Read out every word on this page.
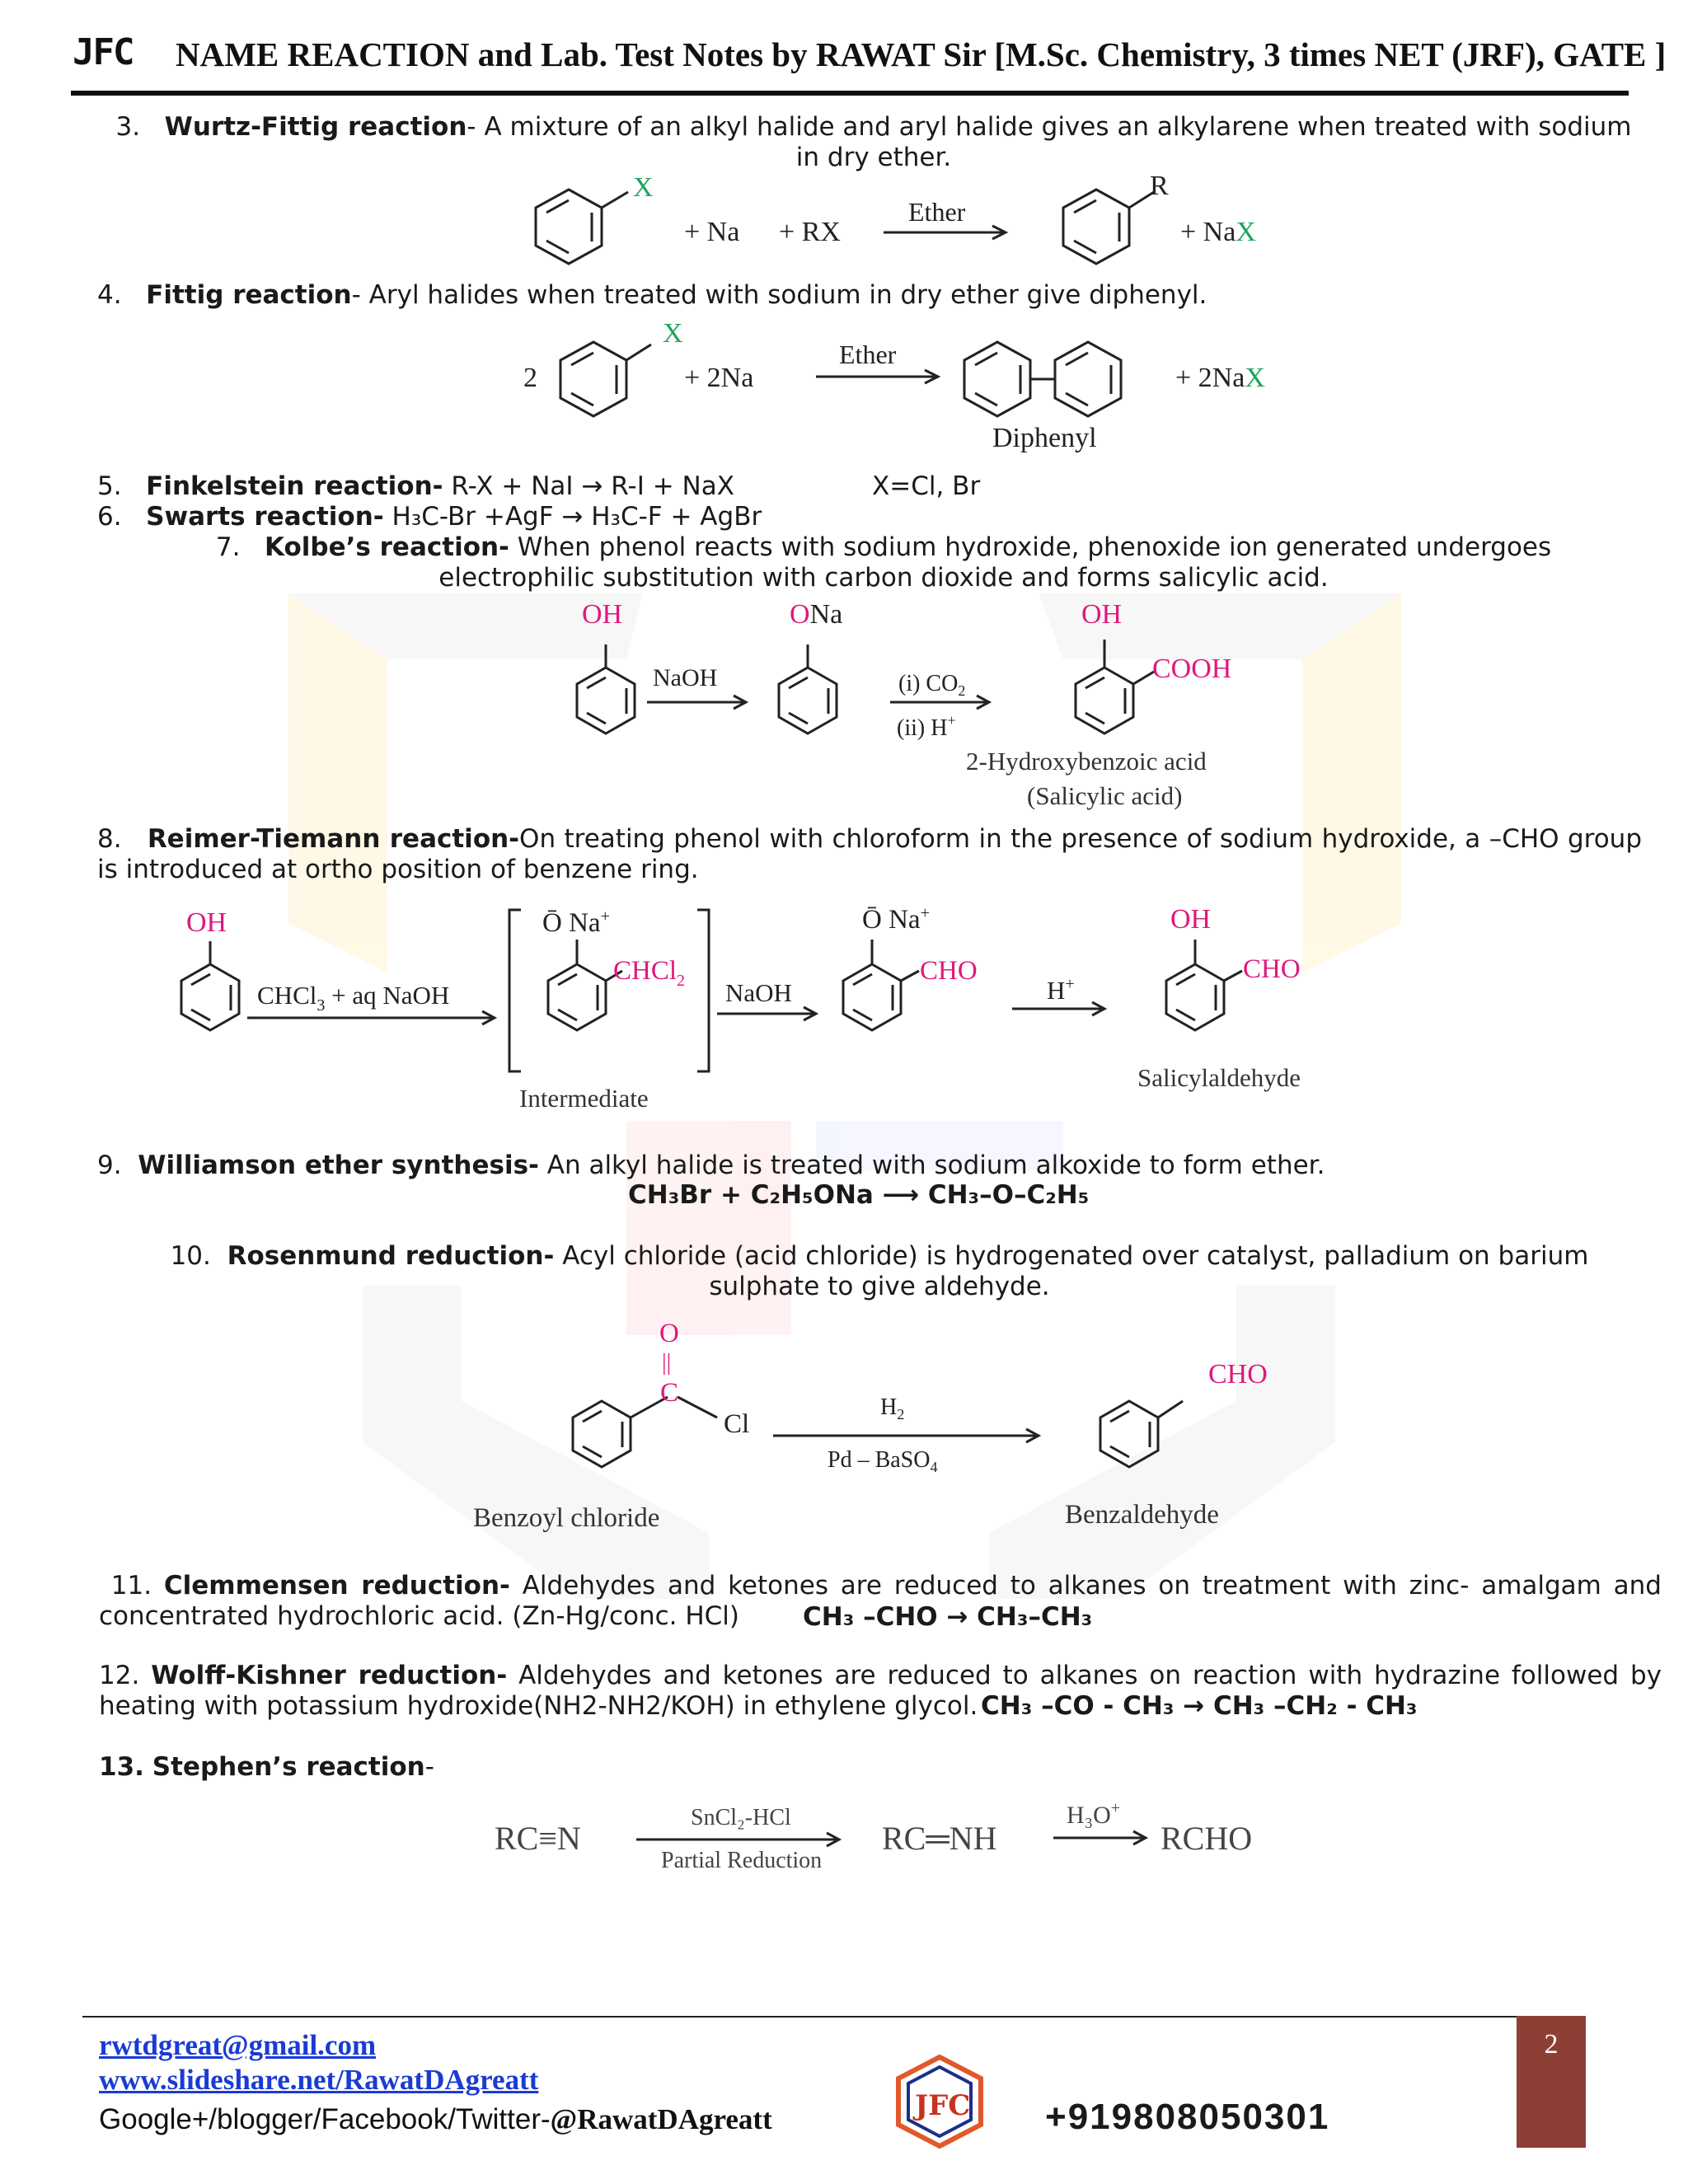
JFC NAME REACTION and Lab. Test Notes by RAWAT Sir [M.Sc. Chemistry, 3 times NET (JRF), GATE ]
3. Wurtz-Fittig reaction- A mixture of an alkyl halide and aryl halide gives an alkylarene when treated with sodium in dry ether.
X
+ Na + RX
Ether
R
+ NaX
4. Fittig reaction- Aryl halides when treated with sodium in dry ether give diphenyl.
2
X
+ 2Na
Ether
+ 2NaX
Diphenyl
5. Finkelstein reaction- R-X + NaI → R-I + NaX	X=Cl, Br
6. Swarts reaction- H₃C-Br +AgF → H₃C-F + AgBr
7. Kolbe’s reaction- When phenol reacts with sodium hydroxide, phenoxide ion generated undergoes electrophilic substitution with carbon dioxide and forms salicylic acid.
OH	ONa
NaOH	(i) $CO_2$
(ii) H+
OH
COOH
2-Hydroxybenzoic acid
(Salicylic acid)
8. Reimer-Tiemann reaction-On treating phenol with chloroform in the presence of sodium hydroxide, a –CHO group is introduced at ortho position of benzene ring.
OH
CHCl$_3$ + aq NaOH
Ō Na+
CHCl$_2$ NaOH
Intermediate
Ō Na+
CHO
H+
OH
CHO
Salicylaldehyde
9. Williamson ether synthesis- An alkyl halide is treated with sodium alkoxide to form ether.
CH₃Br + C₂H₅ONa ⟶ CH₃–O–C₂H₅
10. Rosenmund reduction- Acyl chloride (acid chloride) is hydrogenated over catalyst, palladium on barium sulphate to give aldehyde.
O
||
C
Cl
$H_2$
Pd – BaSO$_4$
CHO
Benzoyl chloride	Benzaldehyde
11. Clemmensen reduction- Aldehydes and ketones are reduced to alkanes on treatment with zinc- amalgam and concentrated hydrochloric acid. (Zn-Hg/conc. HCl)	CH₃ –CHO → CH₃–CH₃
12. Wolff-Kishner reduction- Aldehydes and ketones are reduced to alkanes on reaction with hydrazine followed by heating with potassium hydroxide(NH2-NH2/KOH) in ethylene glycol. CH₃ –CO - CH₃ → CH₃ –CH₂ - CH₃
13. Stephen’s reaction-
RC≡N
SnCl₂-HCl
Partial Reduction
RC═NH
H₃O+
RCHO
rwtdgreat@gmail.com
www.slideshare.net/RawatDAgreatt
Google+/blogger/Facebook/Twitter-@RawatDAgreatt	JFC +919808050301
2
